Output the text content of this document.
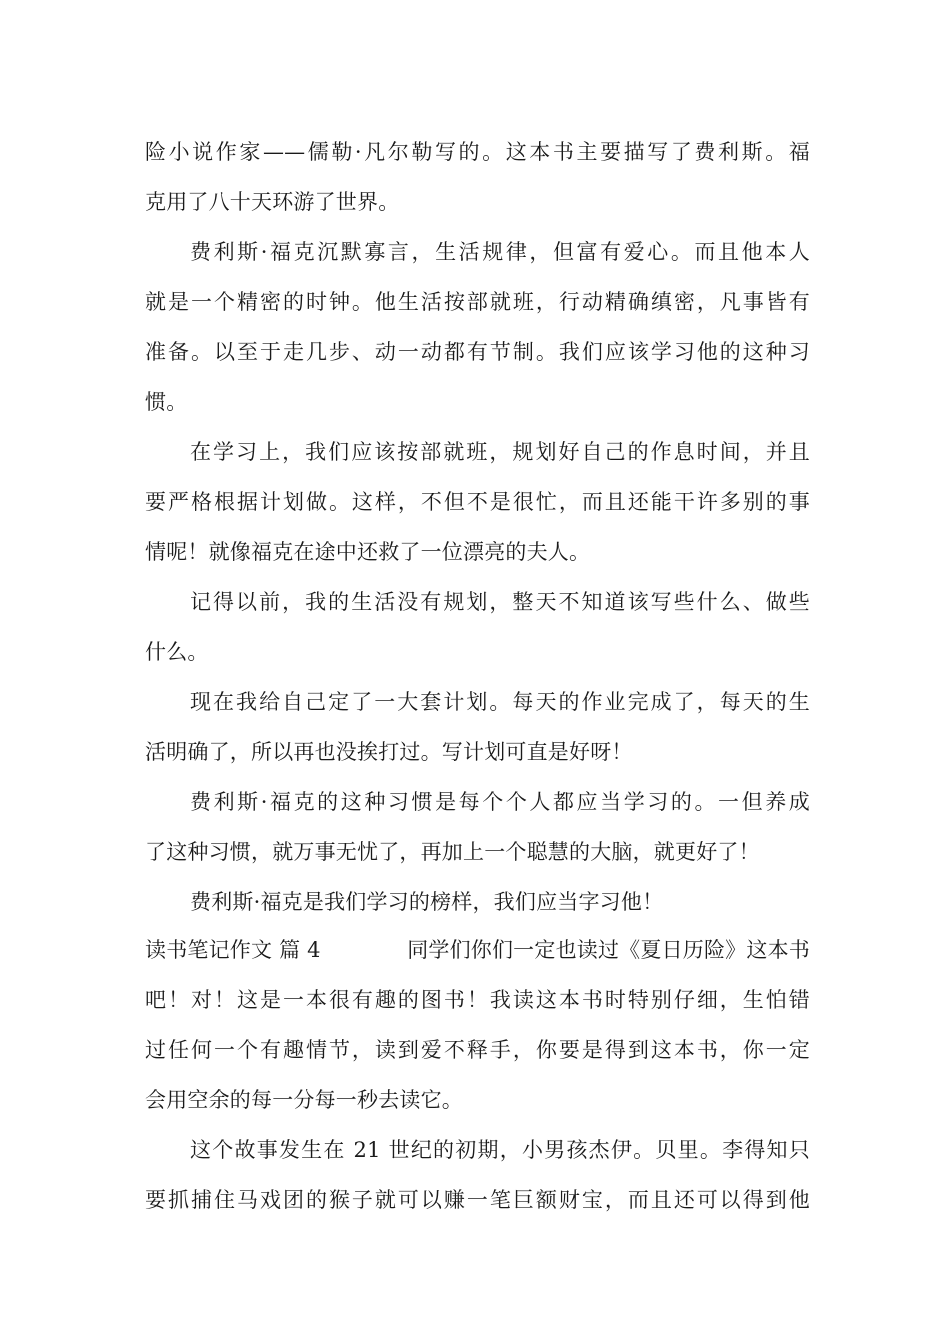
险小说作家——儒勒·凡尔勒写的。这本书主要描写了费利斯。福
克用了八十天环游了世界。
费利斯·福克沉默寡言，生活规律，但富有爱心。而且他本人
就是一个精密的时钟。他生活按部就班，行动精确缜密，凡事皆有
准备。以至于走几步、动一动都有节制。我们应该学习他的这种习
惯。
在学习上，我们应该按部就班，规划好自己的作息时间，并且
要严格根据计划做。这样，不但不是很忙，而且还能干许多别的事
情呢！就像福克在途中还救了一位漂亮的夫人。
记得以前，我的生活没有规划，整天不知道该写些什么、做些
什么。
现在我给自己定了一大套计划。每天的作业完成了，每天的生
活明确了，所以再也没挨打过。写计划可直是好呀！
费利斯·福克的这种习惯是每个个人都应当学习的。一但养成
了这种习惯，就万事无忧了，再加上一个聪慧的大脑，就更好了！
费利斯·福克是我们学习的榜样，我们应当字习他！
读书笔记作文 篇 4	同学们你们一定也读过《夏日历险》这本书
吧！对！这是一本很有趣的图书！我读这本书时特别仔细，生怕错
过任何一个有趣情节，读到爱不释手，你要是得到这本书，你一定
会用空余的每一分每一秒去读它。
这个故事发生在 21 世纪的初期，小男孩杰伊。贝里。李得知只
要抓捕住马戏团的猴子就可以赚一笔巨额财宝，而且还可以得到他
